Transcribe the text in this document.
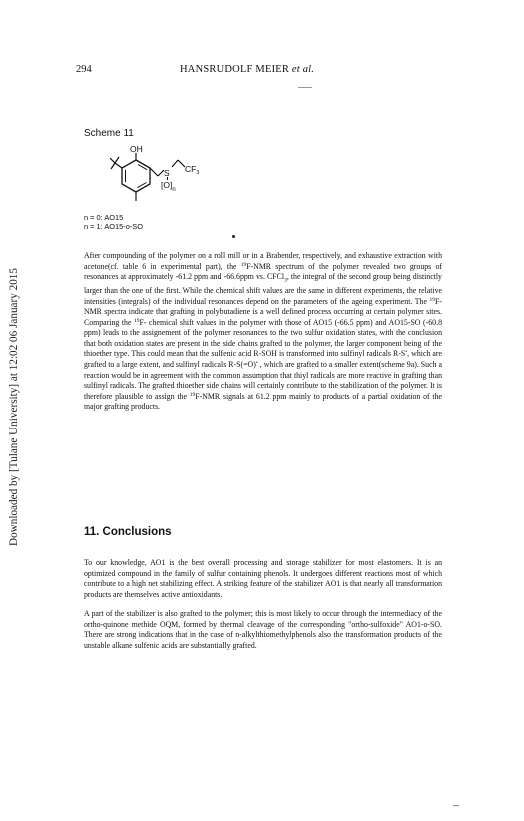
Downloaded by [Tulane University] at 12:02 06 January 2015
294	HANSRUDOLF MEIER et al.
Scheme 11
OH
S $CF_3$
$[O]_n$
n = 0: AO15
n = 1: AO15-o-SO
After compounding of the polymer on a roll mill or in a Brabender, respectively, and exhaustive extraction with acetone(cf. table 6 in experimental part), the $^{19}$F-NMR spectrum of the polymer revealed two groups of resonances at approximately -61.2 ppm and -66.6ppm vs. CFCl$_3$, the integral of the second group being distinctly larger than the one of the first. While the chemical shift values are the same in different experiments, the relative intensities (integrals) of the individual resonances depend on the parameters of the ageing experiment. The $^{19}$F-NMR spectra indicate that grafting in polybutadiene is a well defined process occurring at certain polymer sites. Comparing the $^{19}$F- chemical shift values in the polymer with those of AO15 (-66.5 ppm) and AO15-SO (-60.8 ppm) leads to the assignement of the polymer resonances to the two sulfur oxidation states, with the conclusion that both oxidation states are present in the side chains grafted to the polymer, the larger component being of the thioether type. This could mean that the sulfenic acid R-SOH is transformed into sulfinyl radicals R-S•, which are grafted to a large extent, and sulfinyl radicals R-S(=O)• , which are grafted to a smaller extent(scheme 9a). Such a reaction would be in agreement with the common assumption that thiyl radicals are more reactive in grafting than sulfinyl radicals. The grafted thioether side chains will certainly contribute to the stabilization of the polymer. It is therefore plausible to assign the $^{19}$F-NMR signals at 61.2 ppm mainly to products of a partial oxidation of the major grafting products.
11. Conclusions
To our knowledge, AO1 is the best overall processing and storage stabilizer for most elastomers. It is an optimized compound in the family of sulfur containing phenols. It undergoes different reactions most of which contribute to a high net stabilizing effect. A striking feature of the stabilizer AO1 is that nearly all transformation products are themselves active antioxidants.
A part of the stabilizer is also grafted to the polymer; this is most likely to occur through the intermediacy of the ortho-quinone methide OQM, formed by thermal cleavage of the corresponding "ortho-sulfoxide" AO1-o-SO. There are strong indications that in the case of n-alkylthiomethylphenols also the transformation products of the unstable alkane sulfenic acids are substantially grafted.
